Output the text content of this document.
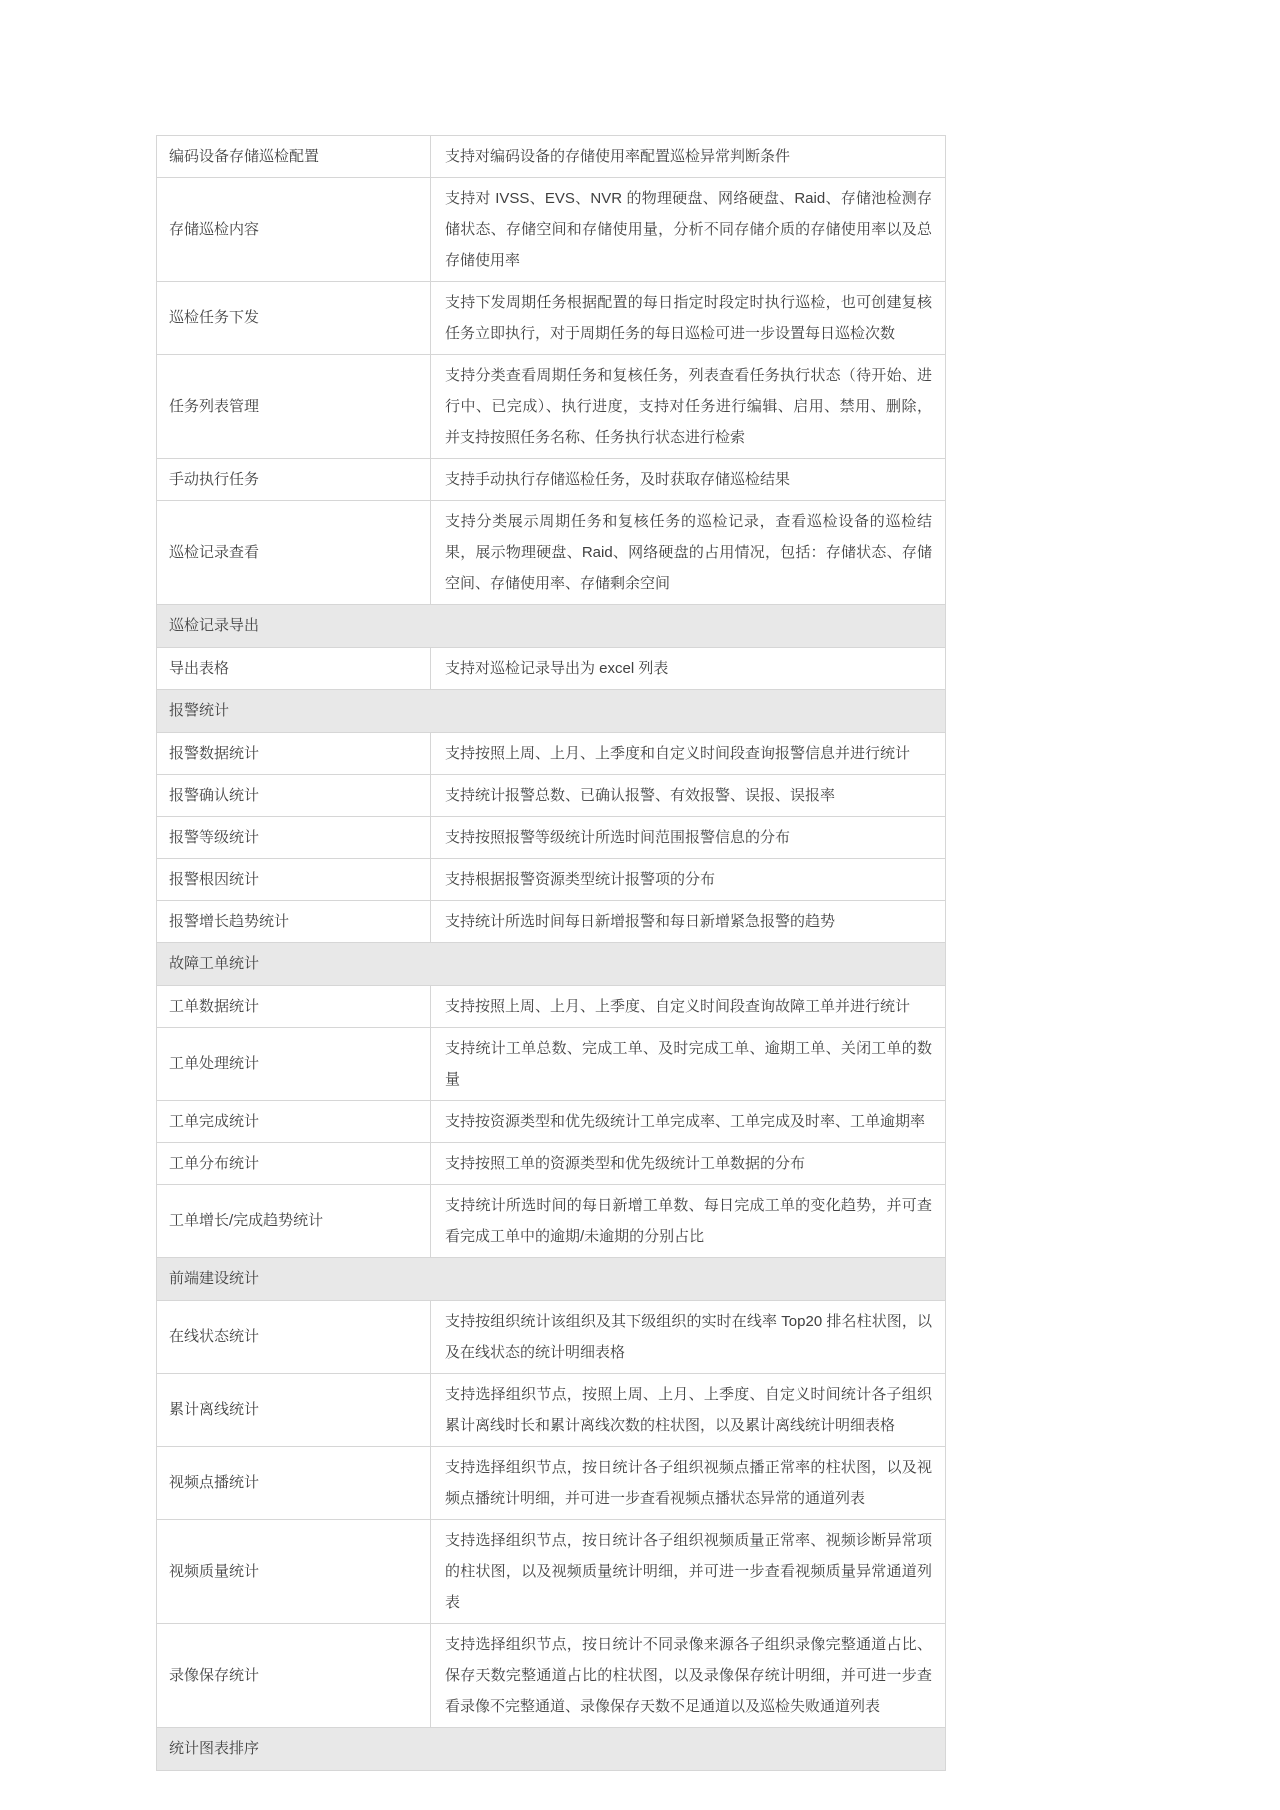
编码设备存储巡检配置	支持对编码设备的存储使用率配置巡检异常判断条件
存储巡检内容	支持对 IVSS、EVS、NVR 的物理硬盘、网络硬盘、Raid、存储池检测存储状态、存储空间和存储使用量，分析不同存储介质的存储使用率以及总存储使用率
巡检任务下发	支持下发周期任务根据配置的每日指定时段定时执行巡检，也可创建复核任务立即执行，对于周期任务的每日巡检可进一步设置每日巡检次数
任务列表管理	支持分类查看周期任务和复核任务，列表查看任务执行状态（待开始、进行中、已完成）、执行进度，支持对任务进行编辑、启用、禁用、删除，并支持按照任务名称、任务执行状态进行检索
手动执行任务	支持手动执行存储巡检任务，及时获取存储巡检结果
巡检记录查看	支持分类展示周期任务和复核任务的巡检记录，查看巡检设备的巡检结果，展示物理硬盘、Raid、网络硬盘的占用情况，包括：存储状态、存储空间、存储使用率、存储剩余空间
巡检记录导出	
导出表格	支持对巡检记录导出为 excel 列表
报警统计	
报警数据统计	支持按照上周、上月、上季度和自定义时间段查询报警信息并进行统计
报警确认统计	支持统计报警总数、已确认报警、有效报警、误报、误报率
报警等级统计	支持按照报警等级统计所选时间范围报警信息的分布
报警根因统计	支持根据报警资源类型统计报警项的分布
报警增长趋势统计	支持统计所选时间每日新增报警和每日新增紧急报警的趋势
故障工单统计	
工单数据统计	支持按照上周、上月、上季度、自定义时间段查询故障工单并进行统计
工单处理统计	支持统计工单总数、完成工单、及时完成工单、逾期工单、关闭工单的数量
工单完成统计	支持按资源类型和优先级统计工单完成率、工单完成及时率、工单逾期率
工单分布统计	支持按照工单的资源类型和优先级统计工单数据的分布
工单增长/完成趋势统计	支持统计所选时间的每日新增工单数、每日完成工单的变化趋势，并可查看完成工单中的逾期/未逾期的分别占比
前端建设统计	
在线状态统计	支持按组织统计该组织及其下级组织的实时在线率 Top20 排名柱状图，以及在线状态的统计明细表格
累计离线统计	支持选择组织节点，按照上周、上月、上季度、自定义时间统计各子组织累计离线时长和累计离线次数的柱状图，以及累计离线统计明细表格
视频点播统计	支持选择组织节点，按日统计各子组织视频点播正常率的柱状图，以及视频点播统计明细，并可进一步查看视频点播状态异常的通道列表
视频质量统计	支持选择组织节点，按日统计各子组织视频质量正常率、视频诊断异常项的柱状图，以及视频质量统计明细，并可进一步查看视频质量异常通道列表
录像保存统计	支持选择组织节点，按日统计不同录像来源各子组织录像完整通道占比、保存天数完整通道占比的柱状图，以及录像保存统计明细，并可进一步查看录像不完整通道、录像保存天数不足通道以及巡检失败通道列表
统计图表排序	
